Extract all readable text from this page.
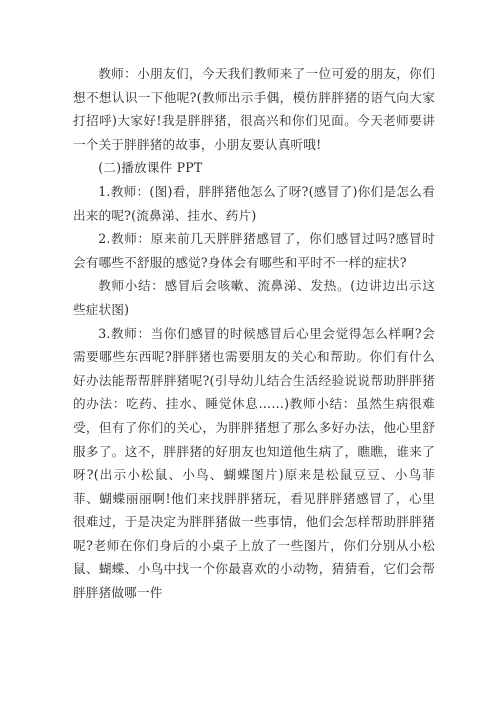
教师：小朋友们，今天我们教师来了一位可爱的朋友，你们想不想认识一下他呢?(教师出示手偶，模仿胖胖猪的语气向大家打招呼)大家好!我是胖胖猪，很高兴和你们见面。今天老师要讲一个关于胖胖猪的故事，小朋友要认真听哦!

(二)播放课件 PPT

1.教师：(图)看，胖胖猪他怎么了呀?(感冒了)你们是怎么看出来的呢?(流鼻涕、挂水、药片)

2.教师：原来前几天胖胖猪感冒了，你们感冒过吗?感冒时会有哪些不舒服的感觉?身体会有哪些和平时不一样的症状?

教师小结：感冒后会咳嗽、流鼻涕、发热。(边讲边出示这些症状图)

3.教师：当你们感冒的时候感冒后心里会觉得怎么样啊?会需要哪些东西呢?胖胖猪也需要朋友的关心和帮助。你们有什么好办法能帮帮胖胖猪呢?(引导幼儿结合生活经验说说帮助胖胖猪的办法：吃药、挂水、睡觉休息……)教师小结：虽然生病很难受，但有了你们的关心，为胖胖猪想了那么多好办法，他心里舒服多了。这不，胖胖猪的好朋友也知道他生病了，瞧瞧，谁来了呀?(出示小松鼠、小鸟、蝴蝶图片)原来是松鼠豆豆、小鸟菲菲、蝴蝶丽丽啊!他们来找胖胖猪玩，看见胖胖猪感冒了，心里很难过，于是决定为胖胖猪做一些事情，他们会怎样帮助胖胖猪呢?老师在你们身后的小桌子上放了一些图片，你们分别从小松鼠、蝴蝶、小鸟中找一个你最喜欢的小动物，猜猜看，它们会帮胖胖猪做哪一件
